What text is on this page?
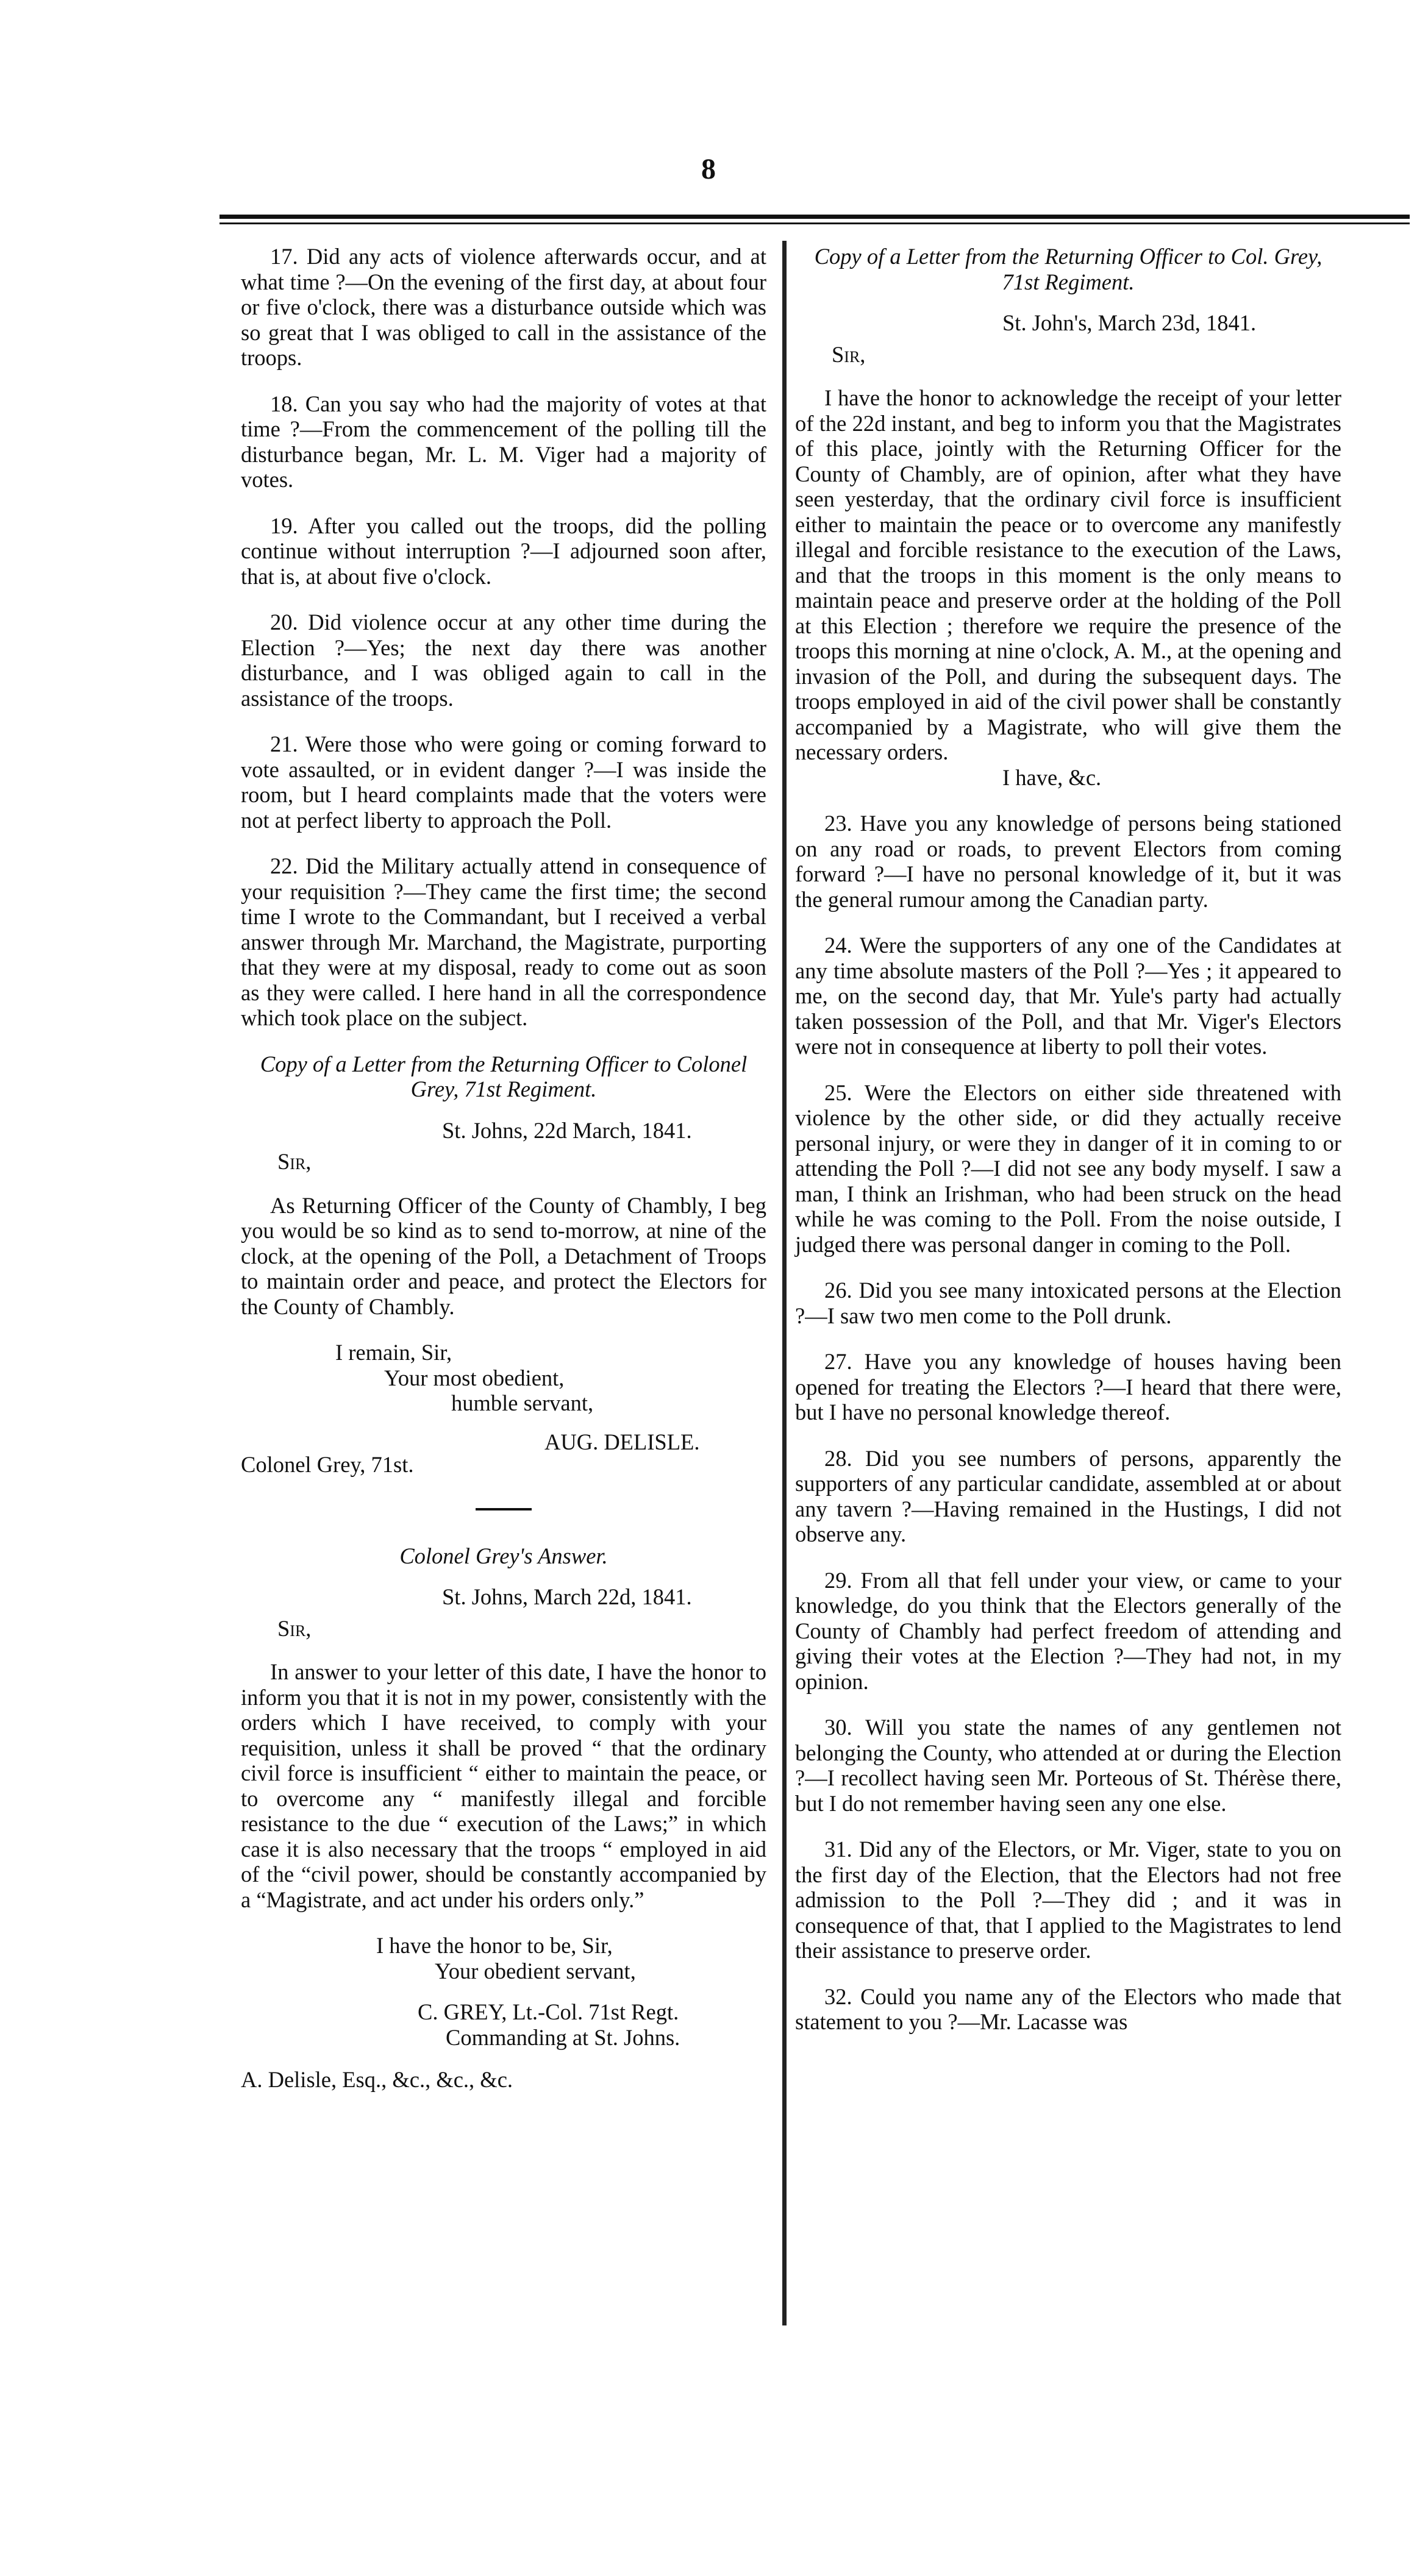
8

17. Did any acts of violence afterwards occur, and at what time ?—On the evening of the first day, at about four or five o'clock, there was a disturbance outside which was so great that I was obliged to call in the assistance of the troops.

18. Can you say who had the majority of votes at that time ?—From the commencement of the polling till the disturbance began, Mr. L. M. Viger had a majority of votes.

19. After you called out the troops, did the polling continue without interruption ?—I adjourned soon after, that is, at about five o'clock.

20. Did violence occur at any other time during the Election ?—Yes; the next day there was another disturbance, and I was obliged again to call in the assistance of the troops.

21. Were those who were going or coming forward to vote assaulted, or in evident danger ?—I was inside the room, but I heard complaints made that the voters were not at perfect liberty to approach the Poll.

22. Did the Military actually attend in consequence of your requisition ?—They came the first time; the second time I wrote to the Commandant, but I received a verbal answer through Mr. Marchand, the Magistrate, purporting that they were at my disposal, ready to come out as soon as they were called. I here hand in all the correspondence which took place on the subject.

Copy of a Letter from the Returning Officer to Colonel Grey, 71st Regiment.

St. Johns, 22d March, 1841.

Sir,

As Returning Officer of the County of Chambly, I beg you would be so kind as to send to-morrow, at nine of the clock, at the opening of the Poll, a Detachment of Troops to maintain order and peace, and protect the Electors for the County of Chambly.

I remain, Sir,

Your most obedient,

humble servant,

AUG. DELISLE.

Colonel Grey, 71st.

Colonel Grey's Answer.

St. Johns, March 22d, 1841.

Sir,

In answer to your letter of this date, I have the honor to inform you that it is not in my power, consistently with the orders which I have received, to comply with your requisition, unless it shall be proved “ that the ordinary civil force is insufficient “ either to maintain the peace, or to overcome any “ manifestly illegal and forcible resistance to the due “ execution of the Laws;” in which case it is also necessary that the troops “ employed in aid of the “civil power, should be constantly accompanied by a “Magistrate, and act under his orders only.”

I have the honor to be, Sir,

Your obedient servant,

C. GREY, Lt.-Col. 71st Regt.

Commanding at St. Johns.

A. Delisle, Esq., &c., &c., &c.

Copy of a Letter from the Returning Officer to Col. Grey, 71st Regiment.

St. John's, March 23d, 1841.

Sir,

I have the honor to acknowledge the receipt of your letter of the 22d instant, and beg to inform you that the Magistrates of this place, jointly with the Returning Officer for the County of Chambly, are of opinion, after what they have seen yesterday, that the ordinary civil force is insufficient either to maintain the peace or to overcome any manifestly illegal and forcible resistance to the execution of the Laws, and that the troops in this moment is the only means to maintain peace and preserve order at the holding of the Poll at this Election ; therefore we require the presence of the troops this morning at nine o'clock, A. M., at the opening and invasion of the Poll, and during the subsequent days. The troops employed in aid of the civil power shall be constantly accompanied by a Magistrate, who will give them the necessary orders.

I have, &c.

23. Have you any knowledge of persons being stationed on any road or roads, to prevent Electors from coming forward ?—I have no personal knowledge of it, but it was the general rumour among the Canadian party.

24. Were the supporters of any one of the Candidates at any time absolute masters of the Poll ?—Yes ; it appeared to me, on the second day, that Mr. Yule's party had actually taken possession of the Poll, and that Mr. Viger's Electors were not in consequence at liberty to poll their votes.

25. Were the Electors on either side threatened with violence by the other side, or did they actually receive personal injury, or were they in danger of it in coming to or attending the Poll ?—I did not see any body myself. I saw a man, I think an Irishman, who had been struck on the head while he was coming to the Poll. From the noise outside, I judged there was personal danger in coming to the Poll.

26. Did you see many intoxicated persons at the Election ?—I saw two men come to the Poll drunk.

27. Have you any knowledge of houses having been opened for treating the Electors ?—I heard that there were, but I have no personal knowledge thereof.

28. Did you see numbers of persons, apparently the supporters of any particular candidate, assembled at or about any tavern ?—Having remained in the Hustings, I did not observe any.

29. From all that fell under your view, or came to your knowledge, do you think that the Electors generally of the County of Chambly had perfect freedom of attending and giving their votes at the Election ?—They had not, in my opinion.

30. Will you state the names of any gentlemen not belonging the County, who attended at or during the Election ?—I recollect having seen Mr. Porteous of St. Thérèse there, but I do not remember having seen any one else.

31. Did any of the Electors, or Mr. Viger, state to you on the first day of the Election, that the Electors had not free admission to the Poll ?—They did ; and it was in consequence of that, that I applied to the Magistrates to lend their assistance to preserve order.

32. Could you name any of the Electors who made that statement to you ?—Mr. Lacasse was
